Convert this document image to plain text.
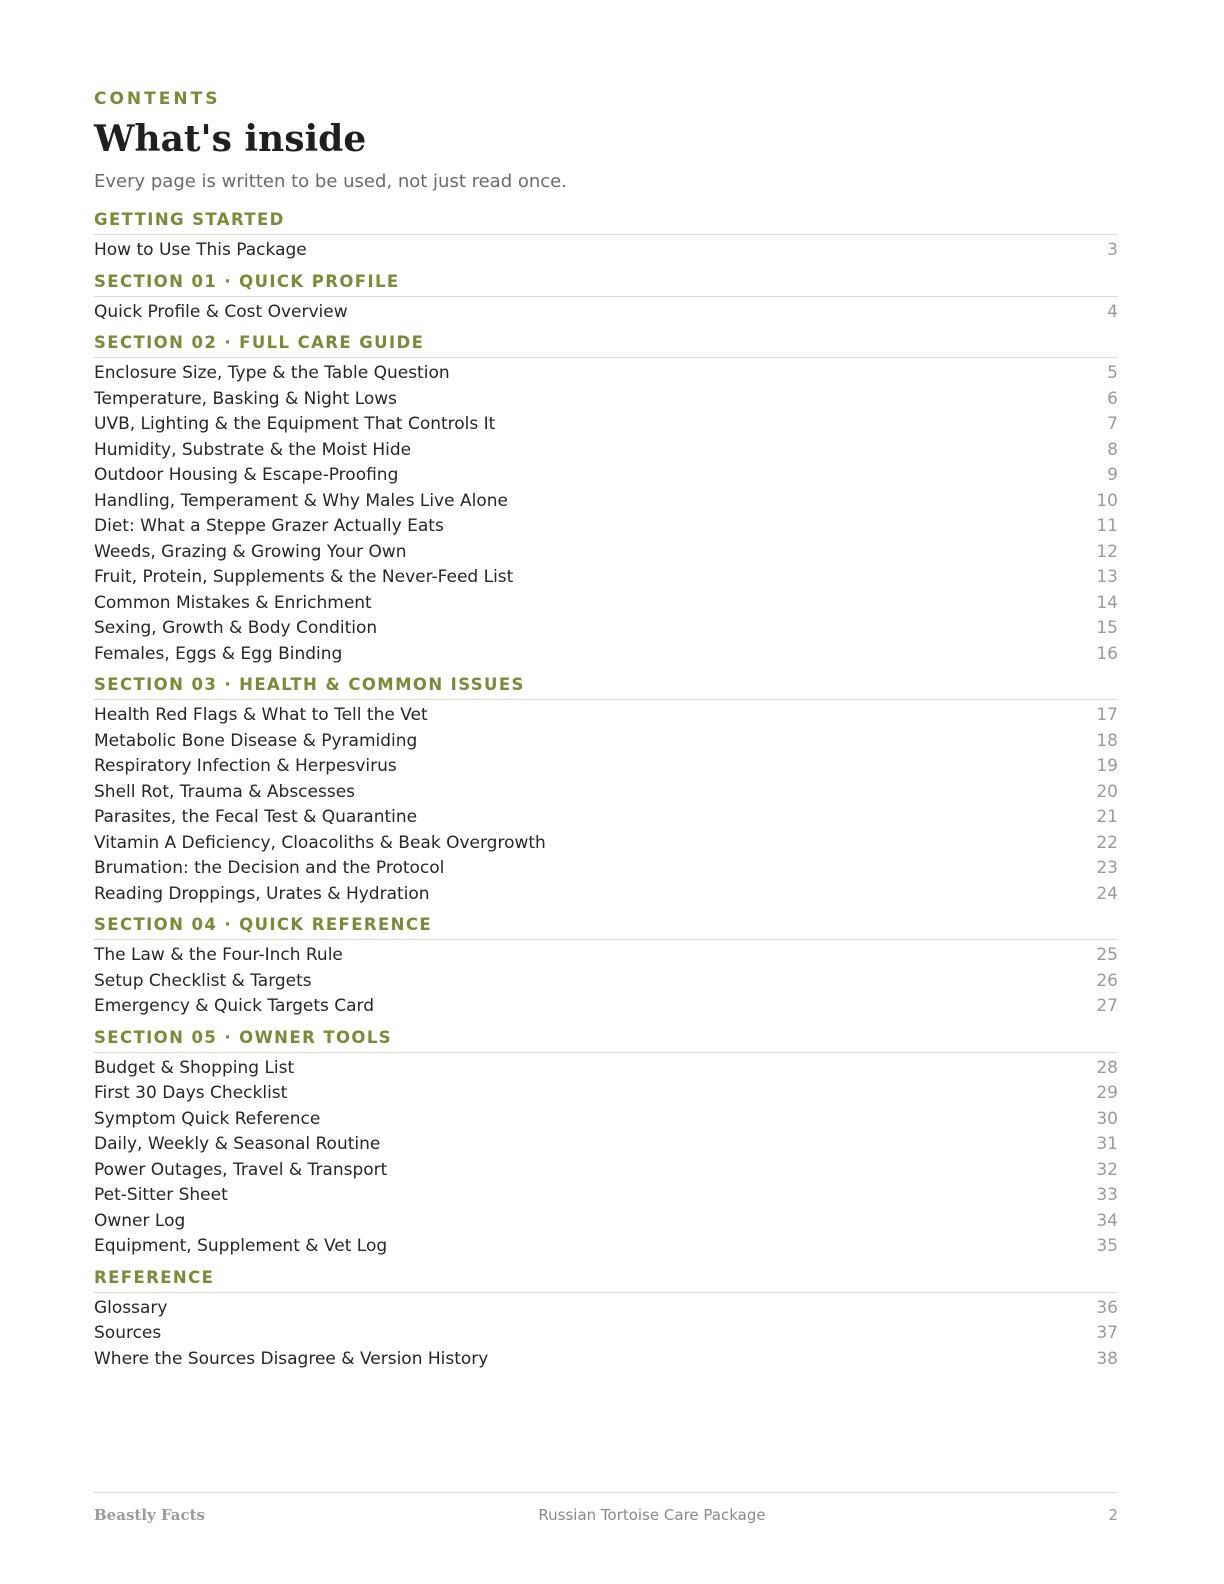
CONTENTS
What's inside
Every page is written to be used, not just read once.
GETTING STARTED
How to Use This Package	3
SECTION 01 · QUICK PROFILE
Quick Profile & Cost Overview	4
SECTION 02 · FULL CARE GUIDE
Enclosure Size, Type & the Table Question	5
Temperature, Basking & Night Lows	6
UVB, Lighting & the Equipment That Controls It	7
Humidity, Substrate & the Moist Hide	8
Outdoor Housing & Escape-Proofing	9
Handling, Temperament & Why Males Live Alone	10
Diet: What a Steppe Grazer Actually Eats	11
Weeds, Grazing & Growing Your Own	12
Fruit, Protein, Supplements & the Never-Feed List	13
Common Mistakes & Enrichment	14
Sexing, Growth & Body Condition	15
Females, Eggs & Egg Binding	16
SECTION 03 · HEALTH & COMMON ISSUES
Health Red Flags & What to Tell the Vet	17
Metabolic Bone Disease & Pyramiding	18
Respiratory Infection & Herpesvirus	19
Shell Rot, Trauma & Abscesses	20
Parasites, the Fecal Test & Quarantine	21
Vitamin A Deficiency, Cloacoliths & Beak Overgrowth	22
Brumation: the Decision and the Protocol	23
Reading Droppings, Urates & Hydration	24
SECTION 04 · QUICK REFERENCE
The Law & the Four-Inch Rule	25
Setup Checklist & Targets	26
Emergency & Quick Targets Card	27
SECTION 05 · OWNER TOOLS
Budget & Shopping List	28
First 30 Days Checklist	29
Symptom Quick Reference	30
Daily, Weekly & Seasonal Routine	31
Power Outages, Travel & Transport	32
Pet-Sitter Sheet	33
Owner Log	34
Equipment, Supplement & Vet Log	35
REFERENCE
Glossary	36
Sources	37
Where the Sources Disagree & Version History	38
Beastly Facts	Russian Tortoise Care Package	2
